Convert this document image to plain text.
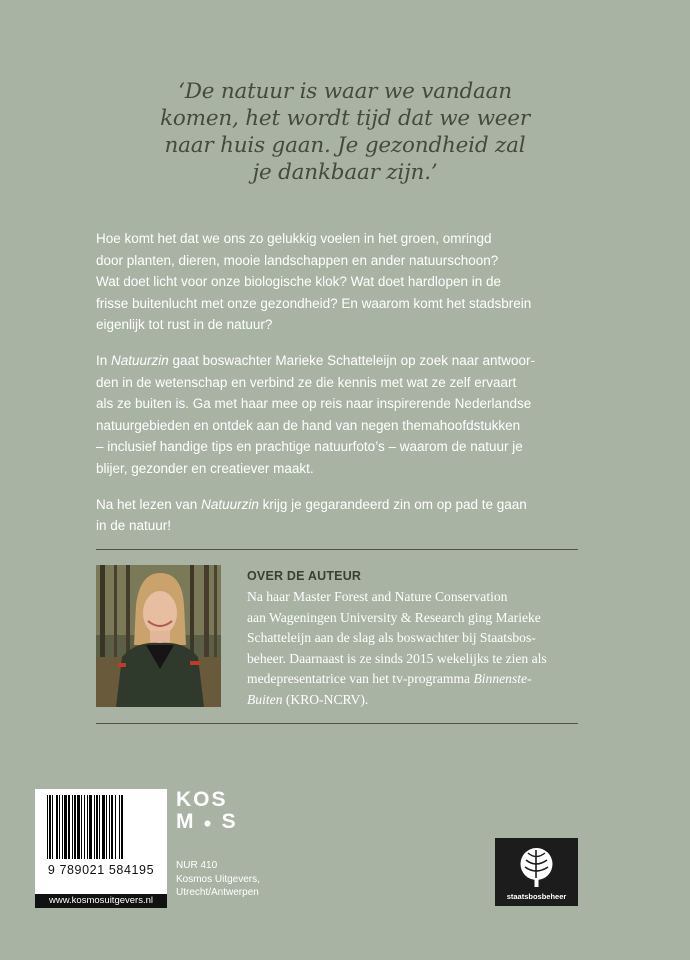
‘De natuur is waar we vandaan
komen, het wordt tijd dat we weer
naar huis gaan. Je gezondheid zal
je dankbaar zijn.’

Hoe komt het dat we ons zo gelukkig voelen in het groen, omringd
door planten, dieren, mooie landschappen en ander natuurschoon?
Wat doet licht voor onze biologische klok? Wat doet hardlopen in de
frisse buitenlucht met onze gezondheid? En waarom komt het stadsbrein
eigenlijk tot rust in de natuur?

In Natuurzin gaat boswachter Marieke Schatteleijn op zoek naar antwoor-
den in de wetenschap en verbind ze die kennis met wat ze zelf ervaart
als ze buiten is. Ga met haar mee op reis naar inspirerende Nederlandse
natuurgebieden en ontdek aan de hand van negen themahoofdstukken
– inclusief handige tips en prachtige natuurfoto’s – waarom de natuur je
blijer, gezonder en creatiever maakt.

Na het lezen van Natuurzin krijg je gegarandeerd zin om op pad te gaan
in de natuur!

OVER DE AUTEUR
Na haar Master Forest and Nature Conservation
aan Wageningen University & Research ging Marieke
Schatteleijn aan de slag als boswachter bij Staatsbos-
beheer. Daarnaast is ze sinds 2015 wekelijks te zien als
medepresentatrice van het tv-programma Binnenste-
Buiten (KRO-NCRV).
9 789021 584195
www.kosmosuitgevers.nl
KOS
M ● S
NUR 410
Kosmos Uitgevers,
Utrecht/Antwerpen	staatsbosbeheer
